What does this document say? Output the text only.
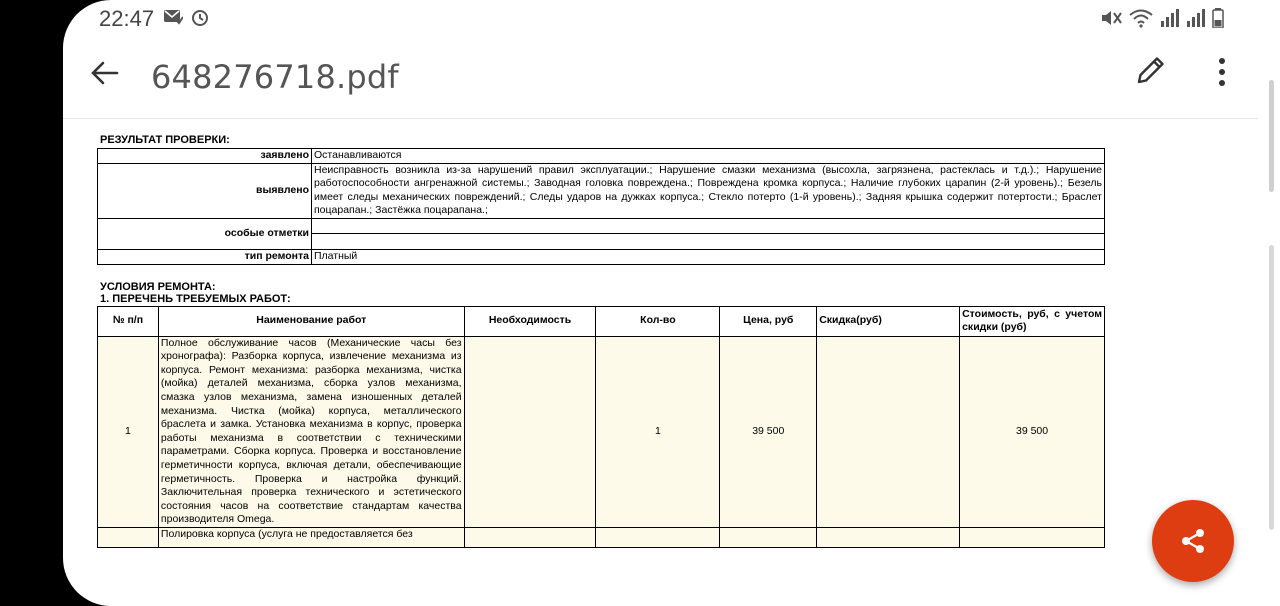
22:47
648276718.pdf
РЕЗУЛЬТАТ ПРОВЕРКИ:
заявлено	Останавливаются
выявлено	Неисправность возникла из-за нарушений правил эксплуатации.; Нарушение смазки механизма (высохла, загрязнена, растеклась и т.д.).; Нарушение работоспособности ангренажной системы.; Заводная головка повреждена.; Повреждена кромка корпуса.; Наличие глубоких царапин (2-й уровень).; Безель имеет следы механических повреждений.; Следы ударов на дужках корпуса.; Стекло потерто (1-й уровень).; Задняя крышка содержит потертости.; Браслет поцарапан.; Застёжка поцарапана.;
особые отметки	

тип ремонта	Платный
УСЛОВИЯ РЕМОНТА:
1. ПЕРЕЧЕНЬ ТРЕБУЕМЫХ РАБОТ:
№ п/п	Наименование работ	Необходимость	Кол-во	Цена, руб	Скидка(руб)	Стоимость, руб, с учетом скидки (руб)
1	Полное обслуживание часов (Механические часы без хронографа): Разборка корпуса, извлечение механизма из корпуса. Ремонт механизма: разборка механизма, чистка (мойка) деталей механизма, сборка узлов механизма, смазка узлов механизма, замена изношенных деталей механизма. Чистка (мойка) корпуса, металлического браслета и замка. Установка механизма в корпус, проверка работы механизма в соответствии с техническими параметрами. Сборка корпуса. Проверка и восстановление герметичности корпуса, включая детали, обеспечивающие герметичность. Проверка и настройка функций. Заключительная проверка технического и эстетического состояния часов на соответствие стандартам качества производителя Omega.		1	39 500		39 500
	Полировка корпуса (услуга не предоставляется без					
